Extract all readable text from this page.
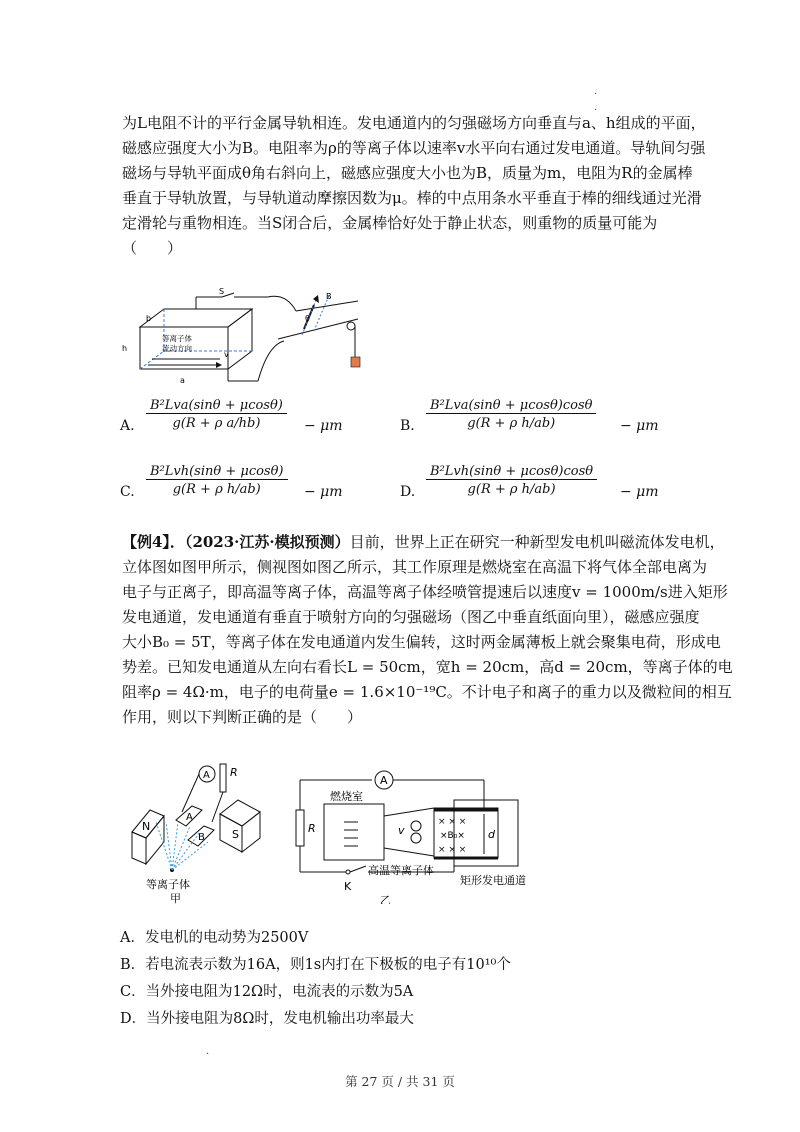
为L电阻不计的平行金属导轨相连。发电通道内的匀强磁场方向垂直与a、h组成的平面，

磁感应强度大小为B。电阻率为ρ的等离子体以速率v水平向右通过发电通道。导轨间匀强

磁场与导轨平面成θ角右斜向上，磁感应强度大小也为B，质量为m，电阻为R的金属棒

垂直于导轨放置，与导轨道动摩擦因数为μ。棒的中点用条水平垂直于棒的细线通过光滑

定滑轮与重物相连。当S闭合后，金属棒恰好处于静止状态，则重物的质量可能为

（　　）

S
B
θ
h
b
a
v
等离子体
流动方向
A.
B²Lva(sinθ + μcosθ)
g(R + ρ a/hb)	− μm	B.
B²Lva(sinθ + μcosθ)cosθ
g(R + ρ h/ab)	− μm
C.
B²Lvh(sinθ + μcosθ)
g(R + ρ h/ab)	− μm	D.
B²Lvh(sinθ + μcosθ)cosθ
g(R + ρ h/ab)	− μm

【例4】．（2023·江苏·模拟预测）目前，世界上正在研究一种新型发电机叫磁流体发电机，

立体图如图甲所示，侧视图如图乙所示，其工作原理是燃烧室在高温下将气体全部电离为

电子与正离子，即高温等离子体，高温等离子体经喷管提速后以速度v = 1000m/s进入矩形

发电通道，发电通道有垂直于喷射方向的匀强磁场（图乙中垂直纸面向里），磁感应强度

大小B₀ = 5T，等离子体在发电通道内发生偏转，这时两金属薄板上就会聚集电荷，形成电

势差。已知发电通道从左向右看长L = 50cm，宽h = 20cm，高d = 20cm，等离子体的电

阻率ρ = 4Ω·m，电子的电荷量e = 1.6×10⁻¹⁹C。不计电子和离子的重力以及微粒间的相互

作用，则以下判断正确的是（　　）

A R
N
S
A
B
等离子体
甲
A
R
K
燃烧室
v
× × ×
×B₀×
× × ×
d
高温等离子体
矩形发电通道
乙
A．发电机的电动势为2500V
B．若电流表示数为16A，则1s内打在下极板的电子有10¹⁰个
C．当外接电阻为12Ω时，电流表的示数为5A
D．当外接电阻为8Ω时，发电机输出功率最大
第 27 页 / 共 31 页
.
.
.
